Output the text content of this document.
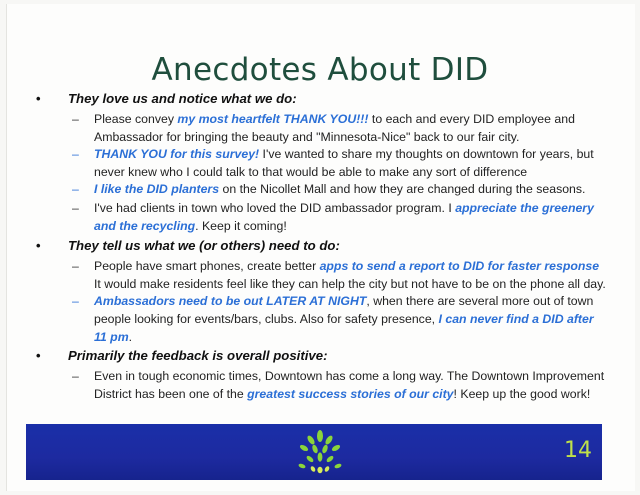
Anecdotes About DID
• They love us and notice what we do:
– Please convey my most heartfelt THANK YOU!!! to each and every DID employee and Ambassador for bringing the beauty and "Minnesota-Nice" back to our fair city.
– THANK YOU for this survey! I've wanted to share my thoughts on downtown for years, but never knew who I could talk to that would be able to make any sort of difference
– I like the DID planters on the Nicollet Mall and how they are changed during the seasons.
– I've had clients in town who loved the DID ambassador program. I appreciate the greenery and the recycling. Keep it coming!
• They tell us what we (or others) need to do:
– People have smart phones, create better apps to send a report to DID for faster response It would make residents feel like they can help the city but not have to be on the phone all day.
– Ambassadors need to be out LATER AT NIGHT, when there are several more out of town people looking for events/bars, clubs. Also for safety presence, I can never find a DID after 11 pm.
• Primarily the feedback is overall positive:
– Even in tough economic times, Downtown has come a long way. The Downtown Improvement District has been one of the greatest success stories of our city! Keep up the good work!
14
